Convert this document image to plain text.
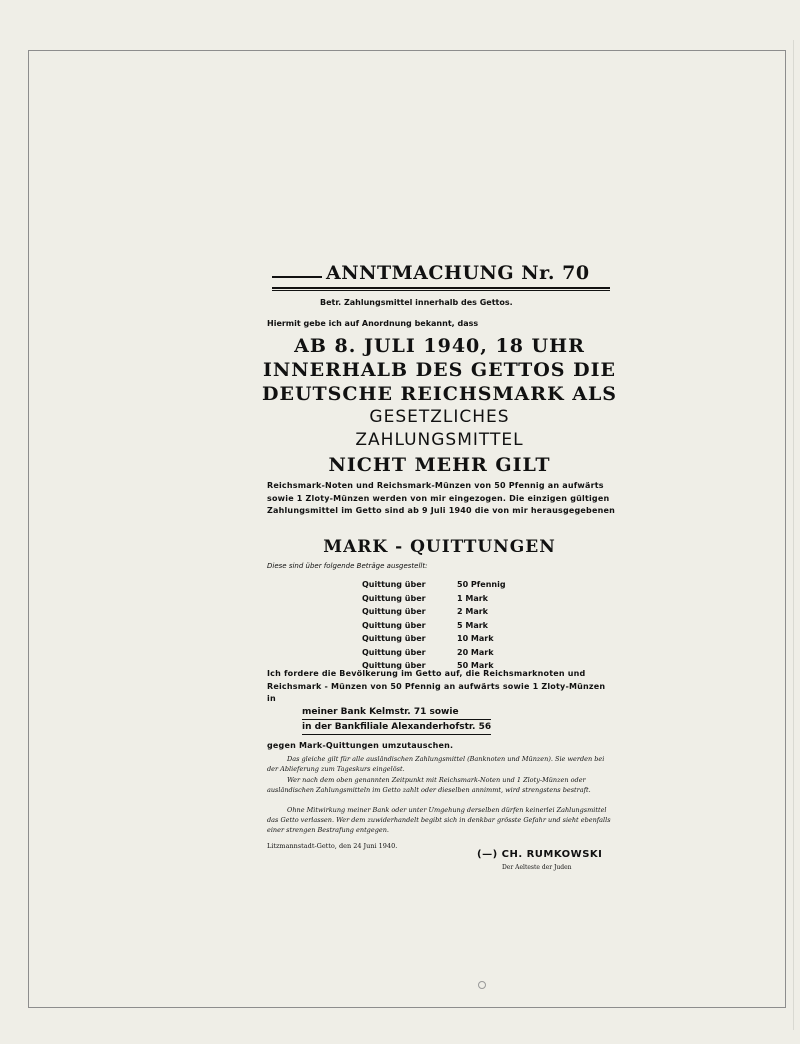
ANNTMACHUNG Nr. 70
Betr. Zahlungsmittel innerhalb des Gettos.
Hiermit gebe ich auf Anordnung bekannt, dass
AB 8. JULI 1940, 18 UHR
INNERHALB DES GETTOS DIE
DEUTSCHE REICHSMARK ALS
GESETZLICHES
ZAHLUNGSMITTEL
NICHT MEHR GILT
Reichsmark-Noten und Reichsmark-Münzen von 50 Pfennig an aufwärts sowie 1 Zloty-Münzen werden von mir eingezogen. Die einzigen gültigen Zahlungsmittel im Getto sind ab 9 Juli 1940 die von mir herausgegebenen
MARK - QUITTUNGEN
Diese sind über folgende Beträge ausgestellt:
Quittung über	50 Pfennig
Quittung über	1 Mark
Quittung über	2 Mark
Quittung über	5 Mark
Quittung über	10 Mark
Quittung über	20 Mark
Quittung über	50 Mark
Ich fordere die Bevölkerung im Getto auf, die Reichsmarknoten und Reichsmark - Münzen von 50 Pfennig an aufwärts sowie 1 Zloty-Münzen in
meiner Bank Kelmstr. 71 sowie
in der Bankfiliale Alexanderhofstr. 56
gegen Mark-Quittungen umzutauschen.
Das gleiche gilt für alle ausländischen Zahlungsmittel (Banknoten und Münzen). Sie werden bei der Ablieferung zum Tageskurs eingelöst.
Wer nach dem oben genannten Zeitpunkt mit Reichsmark-Noten und 1 Zloty-Münzen oder ausländischen Zahlungsmitteln im Getto zahlt oder dieselben annimmt, wird strengstens bestraft.
Ohne Mitwirkung meiner Bank oder unter Umgehung derselben dürfen keinerlei Zahlungsmittel das Getto verlassen. Wer dem zuwiderhandelt begibt sich in denkbar grösste Gefahr und sieht ebenfalls einer strengen Bestrafung entgegen.
Litzmannstadt-Getto, den 24 Juni 1940.
(—) CH. RUMKOWSKI
Der Aelteste der Juden
